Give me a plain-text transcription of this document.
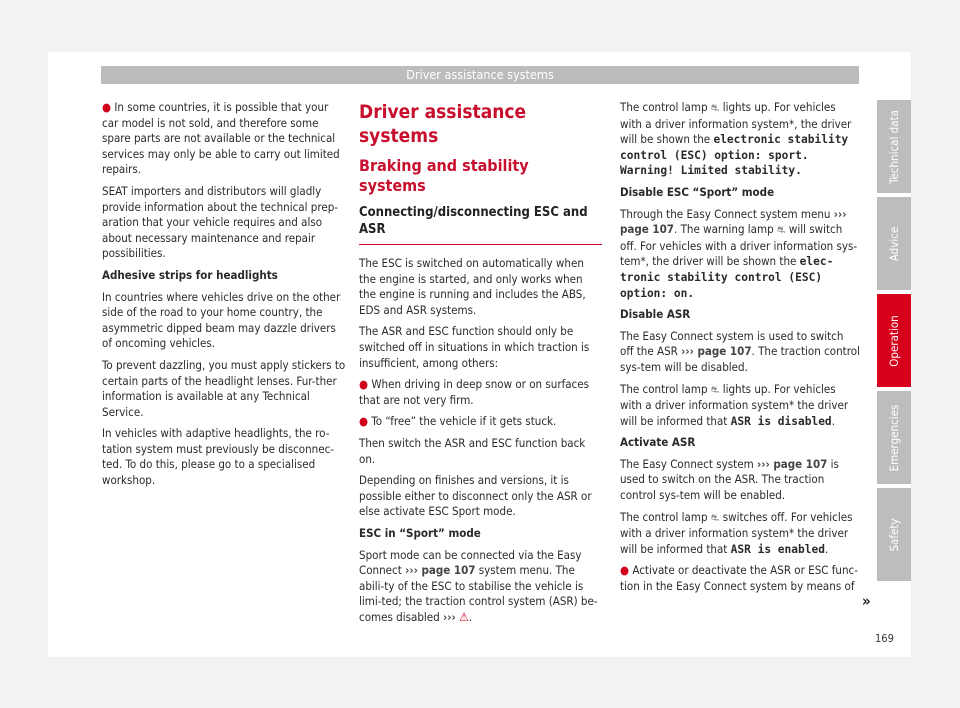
Driver assistance systems

● In some countries, it is possible that your car model is not sold, and therefore some spare parts are not available or the technical services may only be able to carry out limited repairs.

SEAT importers and distributors will gladly provide information about the technical prep-aration that your vehicle requires and also about necessary maintenance and repair possibilities.

Adhesive strips for headlights

In countries where vehicles drive on the other side of the road to your home country, the asymmetric dipped beam may dazzle drivers of oncoming vehicles.

To prevent dazzling, you must apply stickers to certain parts of the headlight lenses. Fur-ther information is available at any Technical Service.

In vehicles with adaptive headlights, the ro-tation system must previously be disconnec-ted. To do this, please go to a specialised workshop.

Driver assistance systems
Braking and stability systems
Connecting/disconnecting ESC and ASR

The ESC is switched on automatically when the engine is started, and only works when the engine is running and includes the ABS, EDS and ASR systems.

The ASR and ESC function should only be switched off in situations in which traction is insufficient, among others:

● When driving in deep snow or on surfaces that are not very firm.

● To “free” the vehicle if it gets stuck.

Then switch the ASR and ESC function back on.

Depending on finishes and versions, it is possible either to disconnect only the ASR or else activate ESC Sport mode.

ESC in “Sport” mode

Sport mode can be connected via the Easy Connect ››› page 107 system menu. The abili-ty of the ESC to stabilise the vehicle is limi-ted; the traction control system (ASR) be-comes disabled ››› ⚠.

The control lamp ⛐ lights up. For vehicles with a driver information system*, the driver will be shown the electronic stability control (ESC) option: sport. Warning! Limited stability.

Disable ESC “Sport” mode

Through the Easy Connect system menu ››› page 107. The warning lamp ⛐ will switch off. For vehicles with a driver information sys-tem*, the driver will be shown the elec-tronic stability control (ESC) option: on.

Disable ASR

The Easy Connect system is used to switch off the ASR ››› page 107. The traction control sys-tem will be disabled.

The control lamp ⛐ lights up. For vehicles with a driver information system* the driver will be informed that ASR is disabled.

Activate ASR

The Easy Connect system ››› page 107 is used to switch on the ASR. The traction control sys-tem will be enabled.

The control lamp ⛐ switches off. For vehicles with a driver information system* the driver will be informed that ASR is enabled.

● Activate or deactivate the ASR or ESC func-tion in the Easy Connect system by means of

»
Technical data
Advice
Operation
Emergencies
Safety
169
